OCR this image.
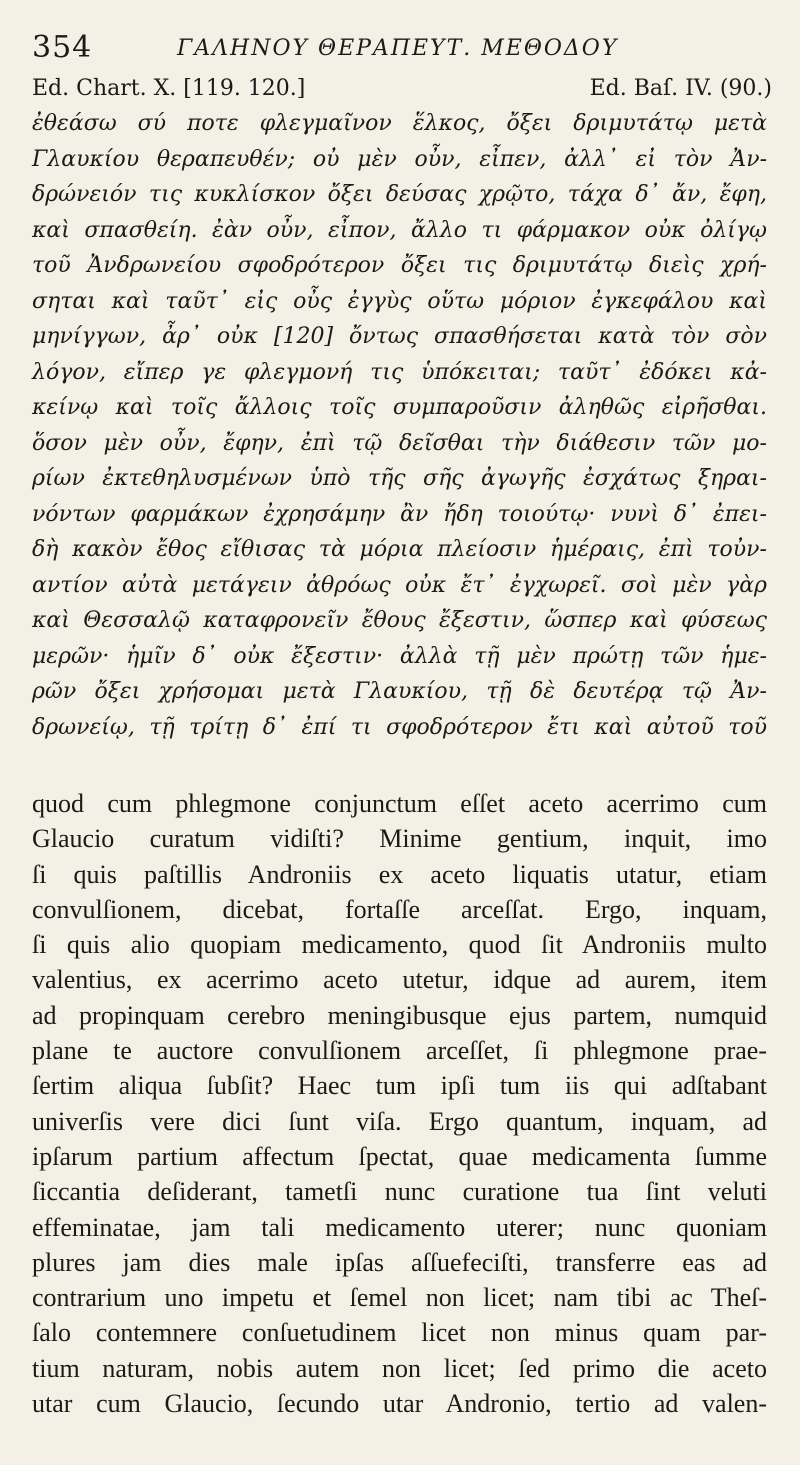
354	ΓΑΛΗΝΟΥ ΘΕΡΑΠΕΥΤ. ΜΕΘΟΔΟΥ
Ed. Chart. X. [119. 120.]	Ed. Baſ. IV. (90.)
ἐθεάσω σύ ποτε φλεγμαῖνον ἕλκος, ὄξει δριμυτάτῳ μετὰ
Γλαυκίου θεραπευθέν; οὐ μὲν οὖν, εἶπεν, ἀλλ᾽ εἰ τὸν Ἀν-
δρώνειόν τις κυκλίσκον ὄξει δεύσας χρῷτο, τάχα δ᾽ ἄν, ἔφη,
καὶ σπασθείη. ἐὰν οὖν, εἶπον, ἄλλο τι φάρμακον οὐκ ὀλίγῳ
τοῦ Ἀνδρωνείου σφοδρότερον ὄξει τις δριμυτάτῳ διεὶς χρή-
σηται καὶ ταῦτ᾽ εἰς οὖς ἐγγὺς οὕτω μόριον ἐγκεφάλου καὶ
μηνίγγων, ἆρ᾽ οὐκ [120] ὄντως σπασθήσεται κατὰ τὸν σὸν
λόγον, εἴπερ γε φλεγμονή τις ὑπόκειται; ταῦτ᾽ ἐδόκει κἀ-
κείνῳ καὶ τοῖς ἄλλοις τοῖς συμπαροῦσιν ἀληθῶς εἰρῆσθαι.
ὅσον μὲν οὖν, ἔφην, ἐπὶ τῷ δεῖσθαι τὴν διάθεσιν τῶν μο-
ρίων ἐκτεθηλυσμένων ὑπὸ τῆς σῆς ἀγωγῆς ἐσχάτως ξηραι-
νόντων φαρμάκων ἐχρησάμην ἂν ἤδη τοιούτῳ· νυνὶ δ᾽ ἐπει-
δὴ κακὸν ἔθος εἴθισας τὰ μόρια πλείοσιν ἡμέραις, ἐπὶ τοὐν-
αντίον αὐτὰ μετάγειν ἀθρόως οὐκ ἔτ᾽ ἐγχωρεῖ. σοὶ μὲν γὰρ
καὶ Θεσσαλῷ καταφρονεῖν ἔθους ἔξεστιν, ὥσπερ καὶ φύσεως
μερῶν· ἡμῖν δ᾽ οὐκ ἔξεστιν· ἀλλὰ τῇ μὲν πρώτῃ τῶν ἡμε-
ρῶν ὄξει χρήσομαι μετὰ Γλαυκίου, τῇ δὲ δευτέρᾳ τῷ Ἀν-
δρωνείῳ, τῇ τρίτῃ δ᾽ ἐπί τι σφοδρότερον ἔτι καὶ αὐτοῦ τοῦ
quod cum phlegmone conjunctum eſſet aceto acerrimo cum
Glaucio curatum vidiſti? Minime gentium, inquit, imo
ſi quis paſtillis Androniis ex aceto liquatis utatur, etiam
convulſionem, dicebat, fortaſſe arceſſat. Ergo, inquam,
ſi quis alio quopiam medicamento, quod ſit Androniis multo
valentius, ex acerrimo aceto utetur, idque ad aurem, item
ad propinquam cerebro meningibusque ejus partem, numquid
plane te auctore convulſionem arceſſet, ſi phlegmone prae-
ſertim aliqua ſubſit? Haec tum ipſi tum iis qui adſtabant
univerſis vere dici ſunt viſa. Ergo quantum, inquam, ad
ipſarum partium affectum ſpectat, quae medicamenta ſumme
ſiccantia deſiderant, tametſi nunc curatione tua ſint veluti
effeminatae, jam tali medicamento uterer; nunc quoniam
plures jam dies male ipſas aſſuefeciſti, transferre eas ad
contrarium uno impetu et ſemel non licet; nam tibi ac Theſ-
ſalo contemnere conſuetudinem licet non minus quam par-
tium naturam, nobis autem non licet; ſed primo die aceto
utar cum Glaucio, ſecundo utar Andronio, tertio ad valen-
